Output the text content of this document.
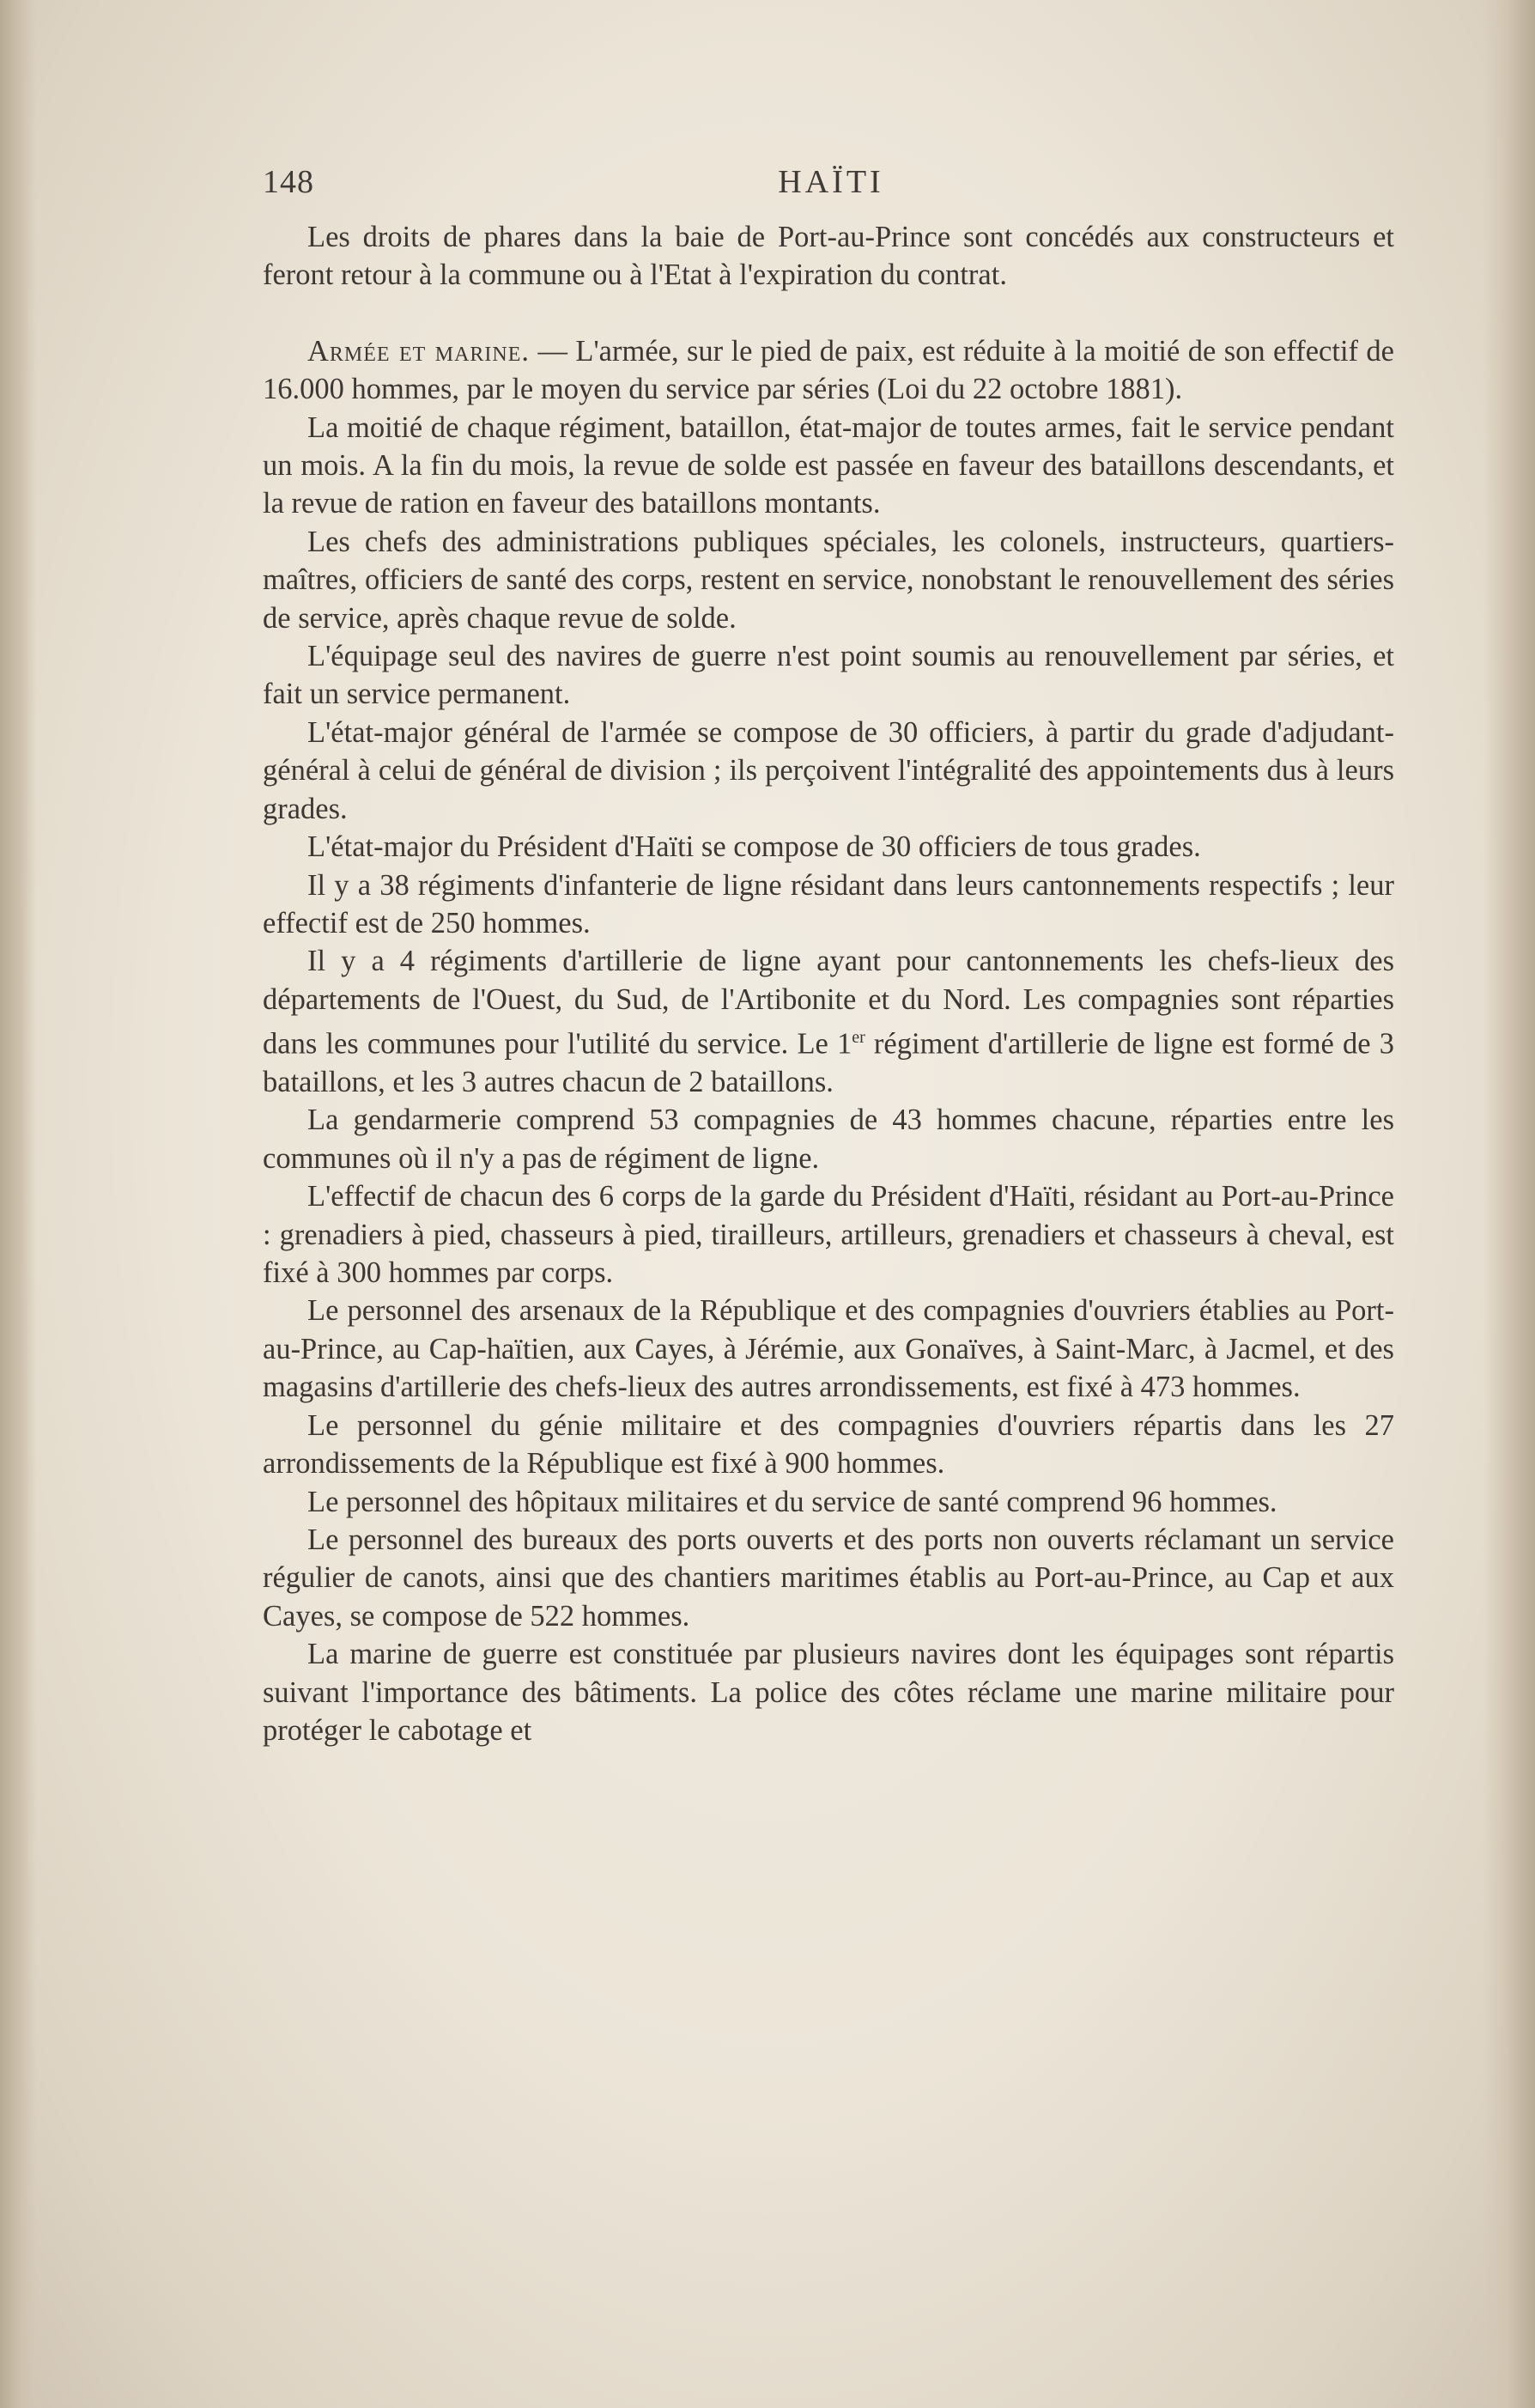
148	HAÏTI

Les droits de phares dans la baie de Port-au-Prince sont concédés aux constructeurs et feront retour à la commune ou à l'Etat à l'expiration du contrat.

Armée et marine. — L'armée, sur le pied de paix, est réduite à la moitié de son effectif de 16.000 hommes, par le moyen du service par séries (Loi du 22 octobre 1881).

La moitié de chaque régiment, bataillon, état-major de toutes armes, fait le service pendant un mois. A la fin du mois, la revue de solde est passée en faveur des bataillons descendants, et la revue de ration en faveur des bataillons montants.

Les chefs des administrations publiques spéciales, les colonels, instructeurs, quartiers-maîtres, officiers de santé des corps, restent en service, nonobstant le renouvellement des séries de service, après chaque revue de solde.

L'équipage seul des navires de guerre n'est point soumis au renouvellement par séries, et fait un service permanent.

L'état-major général de l'armée se compose de 30 officiers, à partir du grade d'adjudant-général à celui de général de division ; ils perçoivent l'intégralité des appointements dus à leurs grades.

L'état-major du Président d'Haïti se compose de 30 officiers de tous grades.

Il y a 38 régiments d'infanterie de ligne résidant dans leurs cantonnements respectifs ; leur effectif est de 250 hommes.

Il y a 4 régiments d'artillerie de ligne ayant pour cantonnements les chefs-lieux des départements de l'Ouest, du Sud, de l'Artibonite et du Nord. Les compagnies sont réparties dans les communes pour l'utilité du service. Le 1er régiment d'artillerie de ligne est formé de 3 bataillons, et les 3 autres chacun de 2 bataillons.

La gendarmerie comprend 53 compagnies de 43 hommes chacune, réparties entre les communes où il n'y a pas de régiment de ligne.

L'effectif de chacun des 6 corps de la garde du Président d'Haïti, résidant au Port-au-Prince : grenadiers à pied, chasseurs à pied, tirailleurs, artilleurs, grenadiers et chasseurs à cheval, est fixé à 300 hommes par corps.

Le personnel des arsenaux de la République et des compagnies d'ouvriers établies au Port-au-Prince, au Cap-haïtien, aux Cayes, à Jérémie, aux Gonaïves, à Saint-Marc, à Jacmel, et des magasins d'artillerie des chefs-lieux des autres arrondissements, est fixé à 473 hommes.

Le personnel du génie militaire et des compagnies d'ouvriers répartis dans les 27 arrondissements de la République est fixé à 900 hommes.

Le personnel des hôpitaux militaires et du service de santé comprend 96 hommes.

Le personnel des bureaux des ports ouverts et des ports non ouverts réclamant un service régulier de canots, ainsi que des chantiers maritimes établis au Port-au-Prince, au Cap et aux Cayes, se compose de 522 hommes.

La marine de guerre est constituée par plusieurs navires dont les équipages sont répartis suivant l'importance des bâtiments. La police des côtes réclame une marine militaire pour protéger le cabotage et
